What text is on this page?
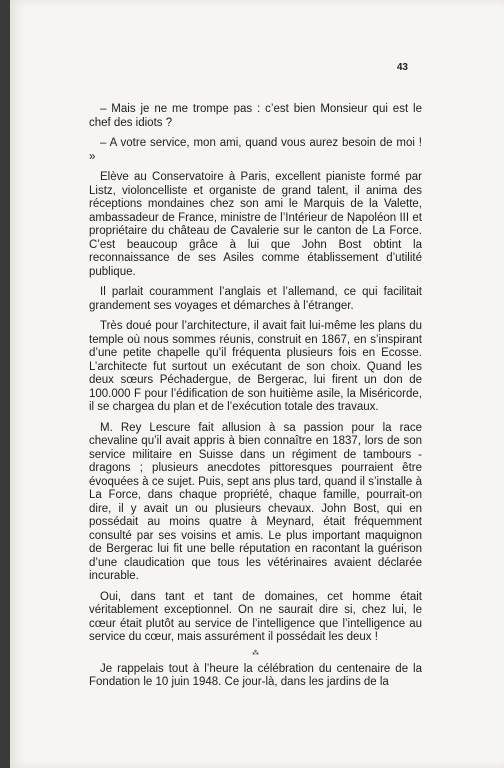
43

– Mais je ne me trompe pas : c’est bien Monsieur qui est le chef des idiots ?

– A votre service, mon ami, quand vous aurez besoin de moi ! »

Elève au Conservatoire à Paris, excellent pianiste formé par Listz, violoncelliste et organiste de grand talent, il anima des réceptions mondaines chez son ami le Marquis de la Valette, ambassadeur de France, ministre de l’Intérieur de Napoléon III et propriétaire du château de Cavalerie sur le canton de La Force. C’est beaucoup grâce à lui que John Bost obtint la reconnaissance de ses Asiles comme établissement d’utilité publique.

Il parlait couramment l’anglais et l’allemand, ce qui facilitait grandement ses voyages et démarches à l’étranger.

Très doué pour l’architecture, il avait fait lui-même les plans du temple où nous sommes réunis, construit en 1867, en s’inspirant d’une petite chapelle qu’il fréquenta plusieurs fois en Ecosse. L’architecte fut surtout un exécutant de son choix. Quand les deux sœurs Péchadergue, de Bergerac, lui firent un don de 100.000 F pour l’édification de son huitième asile, la Miséricorde, il se chargea du plan et de l’exécution totale des travaux.

M. Rey Lescure fait allusion à sa passion pour la race chevaline qu’il avait appris à bien connaître en 1837, lors de son service militaire en Suisse dans un régiment de tambours - dragons ; plusieurs anecdotes pittoresques pourraient être évoquées à ce sujet. Puis, sept ans plus tard, quand il s’installe à La Force, dans chaque propriété, chaque famille, pourrait-on dire, il y avait un ou plusieurs chevaux. John Bost, qui en possédait au moins quatre à Meynard, était fréquemment consulté par ses voisins et amis. Le plus important maquignon de Bergerac lui fit une belle réputation en racontant la guérison d’une claudication que tous les vétérinaires avaient déclarée incurable.

Oui, dans tant et tant de domaines, cet homme était véritablement exceptionnel. On ne saurait dire si, chez lui, le cœur était plutôt au service de l’intelligence que l’intelligence au service du cœur, mais assurément il possédait les deux !

⁂

Je rappelais tout à l’heure la célébration du centenaire de la Fondation le 10 juin 1948. Ce jour-là, dans les jardins de la
